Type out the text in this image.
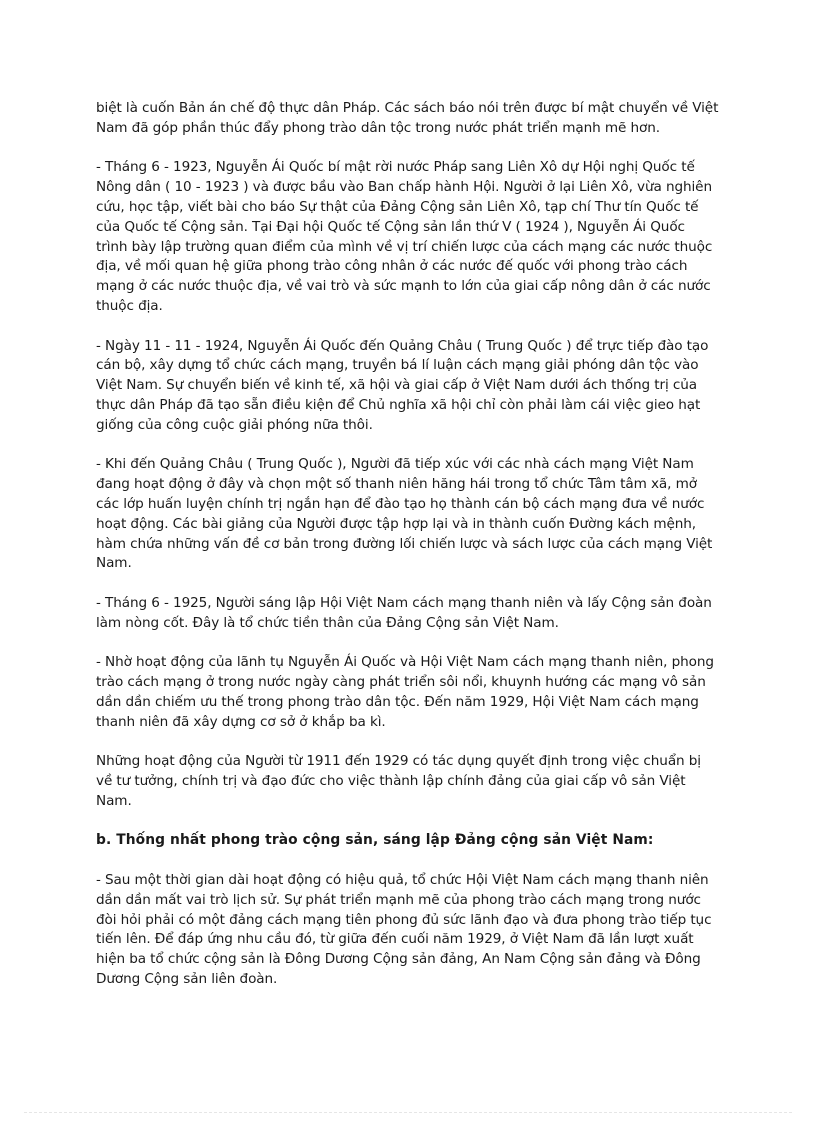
biệt là cuốn Bản án chế độ thực dân Pháp. Các sách báo nói trên được bí mật chuyển về Việt
Nam đã góp phần thúc đẩy phong trào dân tộc trong nước phát triển mạnh mẽ hơn.
- Tháng 6 - 1923, Nguyễn Ái Quốc bí mật rời nước Pháp sang Liên Xô dự Hội nghị Quốc tế
Nông dân ( 10 - 1923 ) và được bầu vào Ban chấp hành Hội. Người ở lại Liên Xô, vừa nghiên
cứu, học tập, viết bài cho báo Sự thật của Đảng Cộng sản Liên Xô, tạp chí Thư tín Quốc tế
của Quốc tế Cộng sản. Tại Đại hội Quốc tế Cộng sản lần thứ V ( 1924 ), Nguyễn Ái Quốc
trình bày lập trường quan điểm của mình về vị trí chiến lược của cách mạng các nước thuộc
địa, về mối quan hệ giữa phong trào công nhân ở các nước đế quốc với phong trào cách
mạng ở các nước thuộc địa, về vai trò và sức mạnh to lớn của giai cấp nông dân ở các nước
thuộc địa.
- Ngày 11 - 11 - 1924, Nguyễn Ái Quốc đến Quảng Châu ( Trung Quốc ) để trực tiếp đào tạo
cán bộ, xây dựng tổ chức cách mạng, truyền bá lí luận cách mạng giải phóng dân tộc vào
Việt Nam. Sự chuyển biến về kinh tế, xã hội và giai cấp ở Việt Nam dưới ách thống trị của
thực dân Pháp đã tạo sẵn điều kiện để Chủ nghĩa xã hội chỉ còn phải làm cái việc gieo hạt
giống của công cuộc giải phóng nữa thôi.
- Khi đến Quảng Châu ( Trung Quốc ), Người đã tiếp xúc với các nhà cách mạng Việt Nam
đang hoạt động ở đây và chọn một số thanh niên hăng hái trong tổ chức Tâm tâm xã, mở
các lớp huấn luyện chính trị ngắn hạn để đào tạo họ thành cán bộ cách mạng đưa về nước
hoạt động. Các bài giảng của Người được tập hợp lại và in thành cuốn Đường kách mệnh,
hàm chứa những vấn đề cơ bản trong đường lối chiến lược và sách lược của cách mạng Việt
Nam.
- Tháng 6 - 1925, Người sáng lập Hội Việt Nam cách mạng thanh niên và lấy Cộng sản đoàn
làm nòng cốt. Đây là tổ chức tiền thân của Đảng Cộng sản Việt Nam.
- Nhờ hoạt động của lãnh tụ Nguyễn Ái Quốc và Hội Việt Nam cách mạng thanh niên, phong
trào cách mạng ở trong nước ngày càng phát triển sôi nổi, khuynh hướng các mạng vô sản
dần dần chiếm ưu thế trong phong trào dân tộc. Đến năm 1929, Hội Việt Nam cách mạng
thanh niên đã xây dựng cơ sở ở khắp ba kì.
Những hoạt động của Người từ 1911 đến 1929 có tác dụng quyết định trong việc chuẩn bị
về tư tưởng, chính trị và đạo đức cho việc thành lập chính đảng của giai cấp vô sản Việt
Nam.
b. Thống nhất phong trào cộng sản, sáng lập Đảng cộng sản Việt Nam:
- Sau một thời gian dài hoạt động có hiệu quả, tổ chức Hội Việt Nam cách mạng thanh niên
dần dần mất vai trò lịch sử. Sự phát triển mạnh mẽ của phong trào cách mạng trong nước
đòi hỏi phải có một đảng cách mạng tiên phong đủ sức lãnh đạo và đưa phong trào tiếp tục
tiến lên. Để đáp ứng nhu cầu đó, từ giữa đến cuối năm 1929, ở Việt Nam đã lần lượt xuất
hiện ba tổ chức cộng sản là Đông Dương Cộng sản đảng, An Nam Cộng sản đảng và Đông
Dương Cộng sản liên đoàn.
